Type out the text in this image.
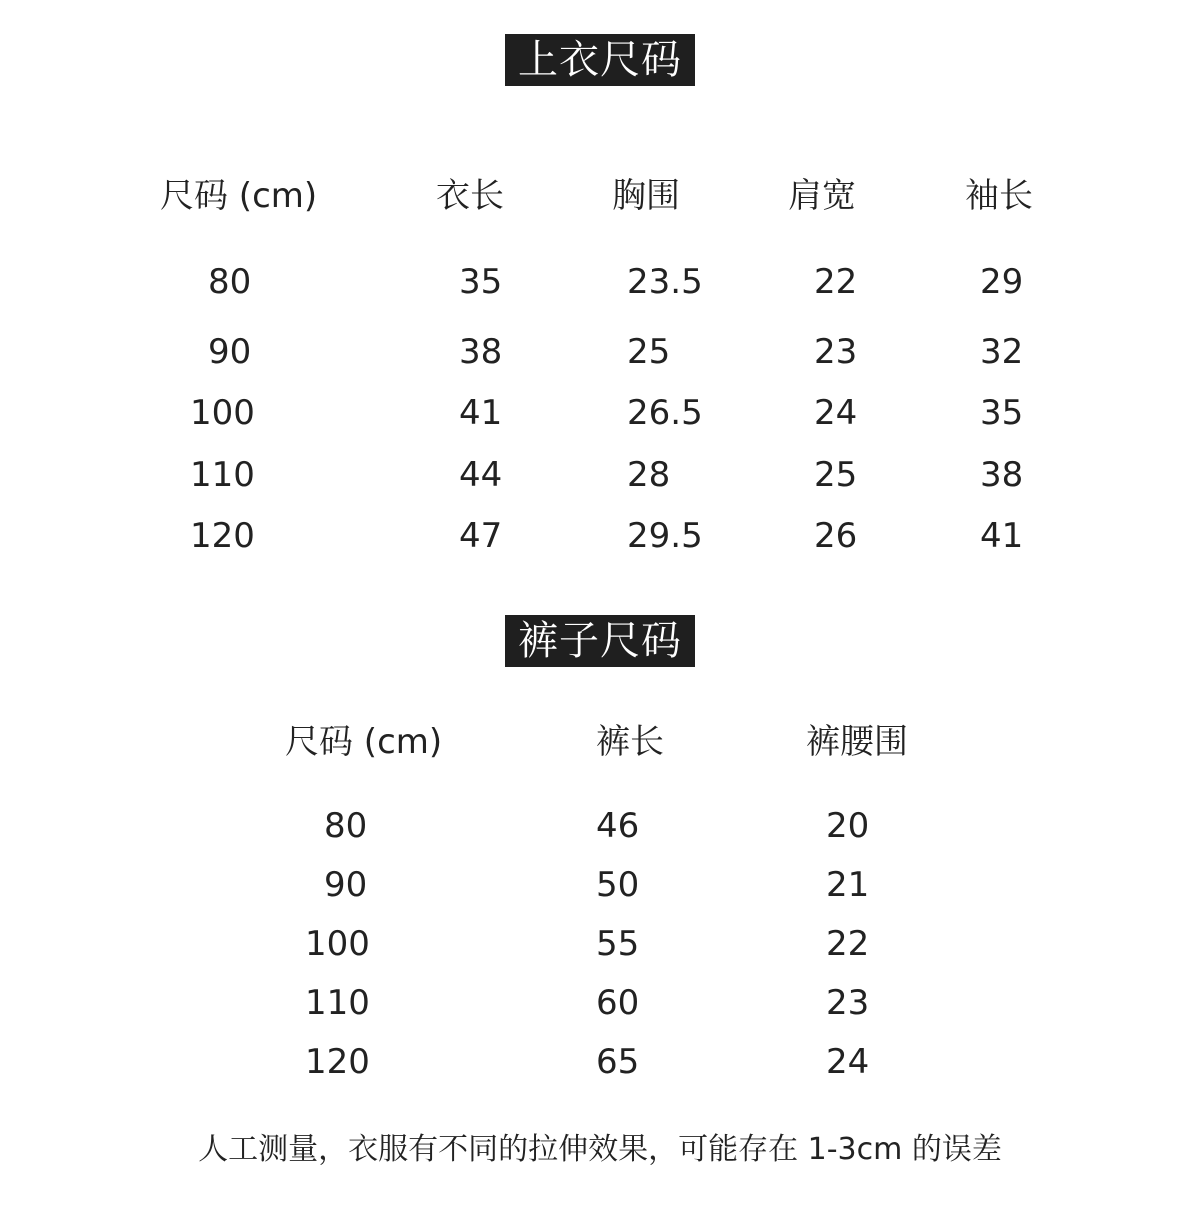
上衣尺码
尺码 (cm)	衣长	胸围	肩宽	袖长
80	35	23.5	22	29
90	38	25	23	32
100	41	26.5	24	35
110	44	28	25	38
120	47	29.5	26	41
裤子尺码
尺码 (cm)	裤长	裤腰围
80	46	20
90	50	21
100	55	22
110	60	23
120	65	24
人工测量，衣服有不同的拉伸效果，可能存在 1-3cm 的误差
